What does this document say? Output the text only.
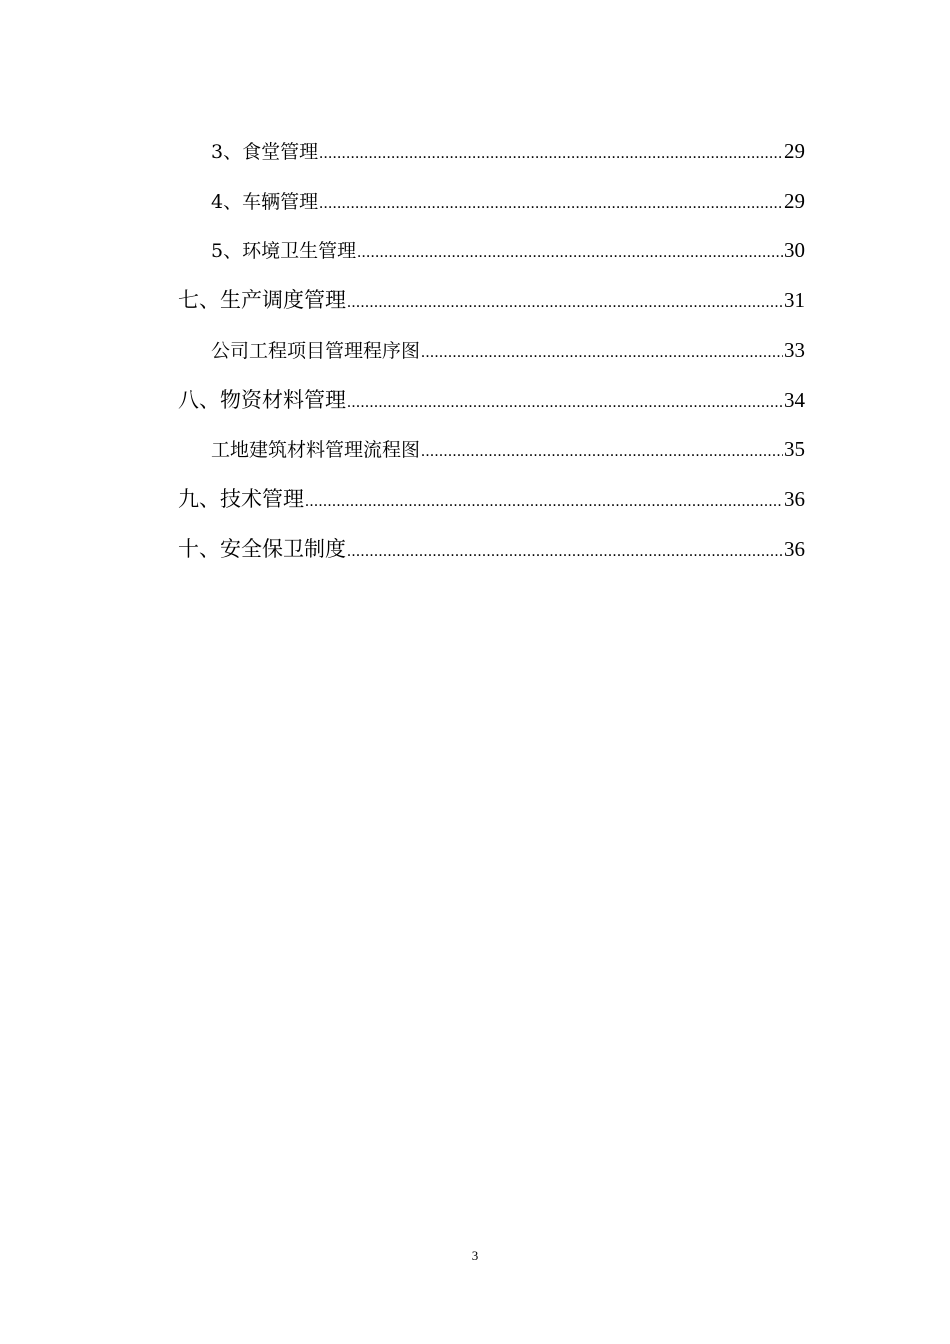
3、食堂管理 .....	29
4、车辆管理 .....	29
5、环境卫生管理 .....	30
七、生产调度管理 .....	31
公司工程项目管理程序图 .....	33
八、物资材料管理 .....	34
工地建筑材料管理流程图 .....	35
九、技术管理 .....	36
十、安全保卫制度 .....	36
3
